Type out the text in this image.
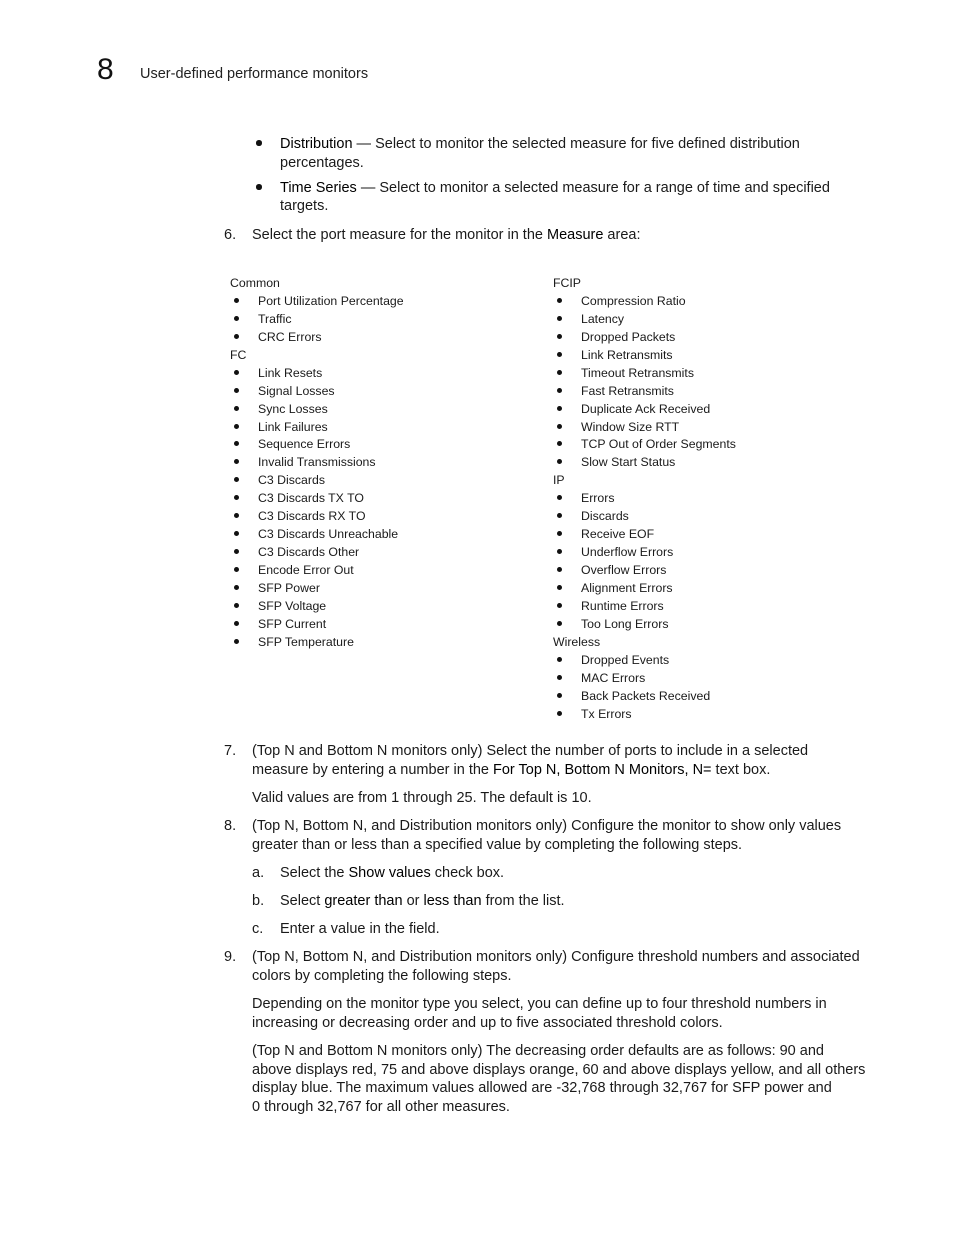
8 User-defined performance monitors
Distribution — Select to monitor the selected measure for five defined distribution
percentages.
Time Series — Select to monitor a selected measure for a range of time and specified
targets.
6. Select the port measure for the monitor in the Measure area:
Common
Port Utilization Percentage
Traffic
CRC Errors
FC
Link Resets
Signal Losses
Sync Losses
Link Failures
Sequence Errors
Invalid Transmissions
C3 Discards
C3 Discards TX TO
C3 Discards RX TO
C3 Discards Unreachable
C3 Discards Other
Encode Error Out
SFP Power
SFP Voltage
SFP Current
SFP Temperature
FCIP
Compression Ratio
Latency
Dropped Packets
Link Retransmits
Timeout Retransmits
Fast Retransmits
Duplicate Ack Received
Window Size RTT
TCP Out of Order Segments
Slow Start Status
IP
Errors
Discards
Receive EOF
Underflow Errors
Overflow Errors
Alignment Errors
Runtime Errors
Too Long Errors
Wireless
Dropped Events
MAC Errors
Back Packets Received
Tx Errors
7. (Top N and Bottom N monitors only) Select the number of ports to include in a selected
measure by entering a number in the For Top N, Bottom N Monitors, N= text box.
Valid values are from 1 through 25. The default is 10.
8. (Top N, Bottom N, and Distribution monitors only) Configure the monitor to show only values
greater than or less than a specified value by completing the following steps.
a. Select the Show values check box.
b. Select greater than or less than from the list.
c. Enter a value in the field.
9. (Top N, Bottom N, and Distribution monitors only) Configure threshold numbers and associated
colors by completing the following steps.
Depending on the monitor type you select, you can define up to four threshold numbers in
increasing or decreasing order and up to five associated threshold colors.
(Top N and Bottom N monitors only) The decreasing order defaults are as follows: 90 and
above displays red, 75 and above displays orange, 60 and above displays yellow, and all others
display blue. The maximum values allowed are -32,768 through 32,767 for SFP power and
0 through 32,767 for all other measures.
